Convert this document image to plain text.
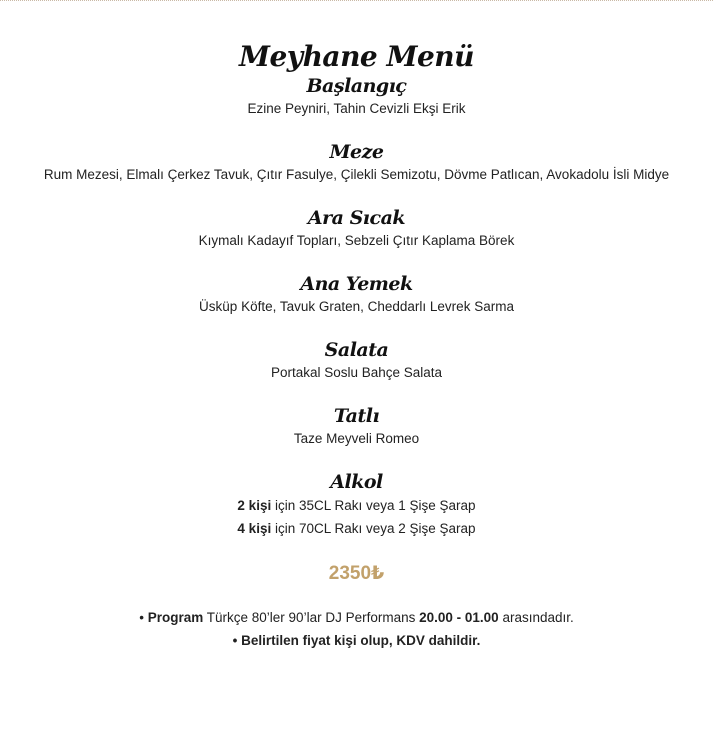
Meyhane Menü
Başlangıç

Ezine Peyniri, Tahin Cevizli Ekşi Erik

Meze

Rum Mezesi, Elmalı Çerkez Tavuk, Çıtır Fasulye, Çilekli Semizotu, Dövme Patlıcan, Avokadolu İsli Midye

Ara Sıcak

Kıymalı Kadayıf Topları, Sebzeli Çıtır Kaplama Börek

Ana Yemek

Üsküp Köfte, Tavuk Graten, Cheddarlı Levrek Sarma

Salata

Portakal Soslu Bahçe Salata

Tatlı

Taze Meyveli Romeo

Alkol

2 kişi için 35CL Rakı veya 1 Şişe Şarap

4 kişi için 70CL Rakı veya 2 Şişe Şarap

2350₺

• Program Türkçe 80’ler 90’lar DJ Performans 20.00 - 01.00 arasındadır.

• Belirtilen fiyat kişi olup, KDV dahildir.
